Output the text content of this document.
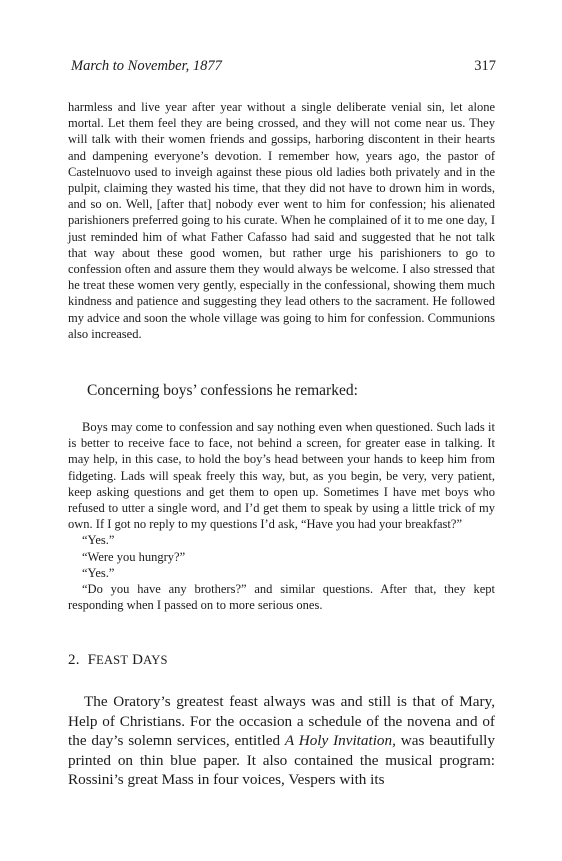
March to November, 1877	317

harmless and live year after year without a single deliberate venial sin, let alone mortal. Let them feel they are being crossed, and they will not come near us. They will talk with their women friends and gossips, harboring discontent in their hearts and dampening everyone’s devotion. I remember how, years ago, the pastor of Castelnuovo used to inveigh against these pious old ladies both privately and in the pulpit, claiming they wasted his time, that they did not have to drown him in words, and so on. Well, [after that] nobody ever went to him for confession; his alienated parishioners preferred going to his curate. When he complained of it to me one day, I just reminded him of what Father Cafasso had said and suggested that he not talk that way about these good women, but rather urge his parishioners to go to confession often and assure them they would always be welcome. I also stressed that he treat these women very gently, especially in the confessional, showing them much kindness and patience and suggesting they lead others to the sacrament. He followed my advice and soon the whole village was going to him for confession. Communions also increased.

Concerning boys’ confessions he remarked:

Boys may come to confession and say nothing even when questioned. Such lads it is better to receive face to face, not behind a screen, for greater ease in talking. It may help, in this case, to hold the boy’s head between your hands to keep him from fidgeting. Lads will speak freely this way, but, as you begin, be very, very patient, keep asking questions and get them to open up. Sometimes I have met boys who refused to utter a single word, and I’d get them to speak by using a little trick of my own. If I got no reply to my questions I’d ask, “Have you had your breakfast?”

“Yes.”

“Were you hungry?”

“Yes.”

“Do you have any brothers?” and similar questions. After that, they kept responding when I passed on to more serious ones.

2. FEAST DAYS

The Oratory’s greatest feast always was and still is that of Mary, Help of Christians. For the occasion a schedule of the novena and of the day’s solemn services, entitled A Holy Invitation, was beautifully printed on thin blue paper. It also contained the musical program: Rossini’s great Mass in four voices, Vespers with its
